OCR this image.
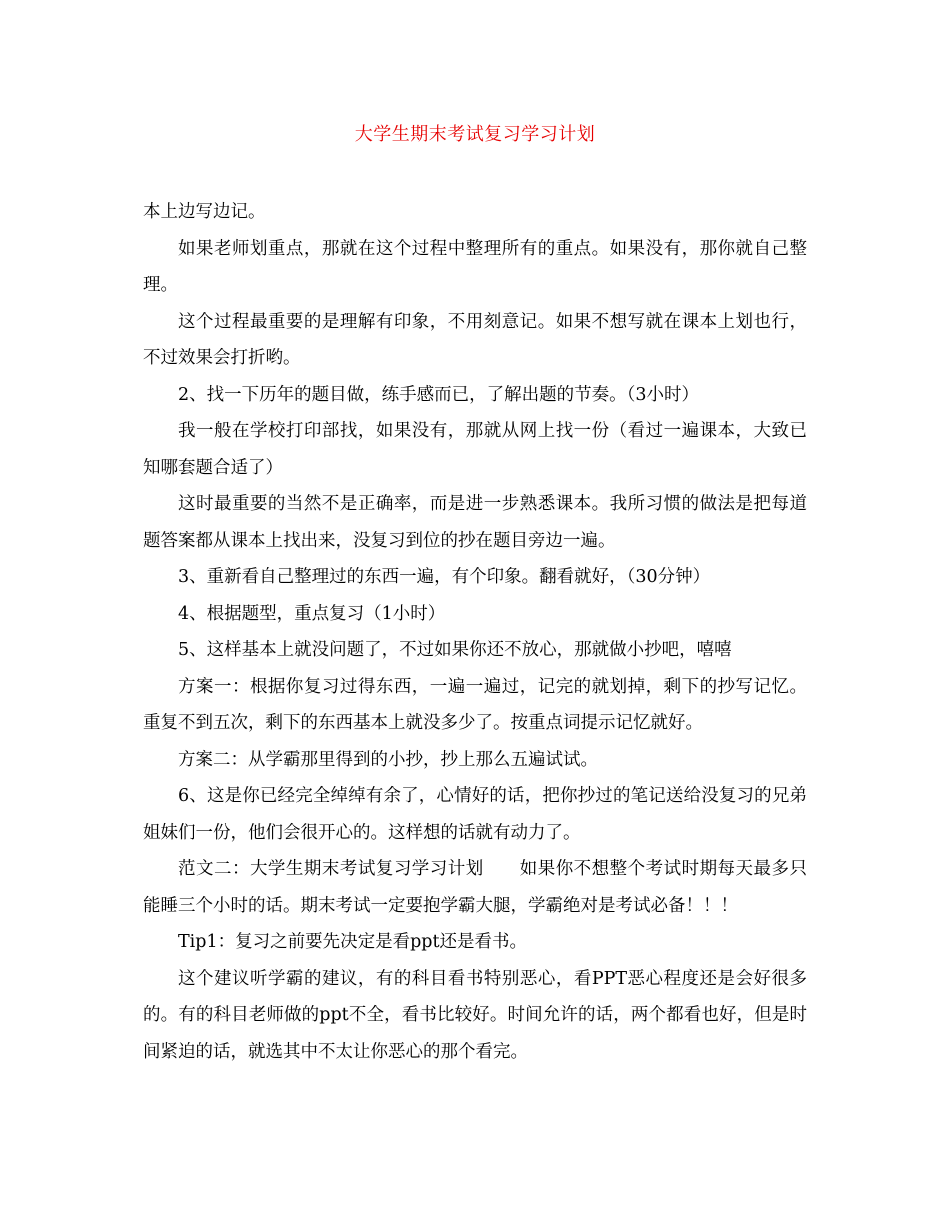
大学生期末考试复习学习计划

本上边写边记。

如果老师划重点，那就在这个过程中整理所有的重点。如果没有，那你就自己整理。

这个过程最重要的是理解有印象，不用刻意记。如果不想写就在课本上划也行，不过效果会打折哟。

2、找一下历年的题目做，练手感而已，了解出题的节奏。（3小时）

我一般在学校打印部找，如果没有，那就从网上找一份（看过一遍课本，大致已知哪套题合适了）

这时最重要的当然不是正确率，而是进一步熟悉课本。我所习惯的做法是把每道题答案都从课本上找出来，没复习到位的抄在题目旁边一遍。

3、重新看自己整理过的东西一遍，有个印象。翻看就好，（30分钟）

4、根据题型，重点复习（1小时）

5、这样基本上就没问题了，不过如果你还不放心，那就做小抄吧，嘻嘻

方案一：根据你复习过得东西，一遍一遍过，记完的就划掉，剩下的抄写记忆。重复不到五次，剩下的东西基本上就没多少了。按重点词提示记忆就好。

方案二：从学霸那里得到的小抄，抄上那么五遍试试。

6、这是你已经完全绰绰有余了，心情好的话，把你抄过的笔记送给没复习的兄弟姐妹们一份，他们会很开心的。这样想的话就有动力了。

范文二：大学生期末考试复习学习计划　　如果你不想整个考试时期每天最多只能睡三个小时的话。期末考试一定要抱学霸大腿，学霸绝对是考试必备！！！

Tip1：复习之前要先决定是看ppt还是看书。

这个建议听学霸的建议，有的科目看书特别恶心，看PPT恶心程度还是会好很多的。有的科目老师做的ppt不全，看书比较好。时间允许的话，两个都看也好，但是时间紧迫的话，就选其中不太让你恶心的那个看完。
